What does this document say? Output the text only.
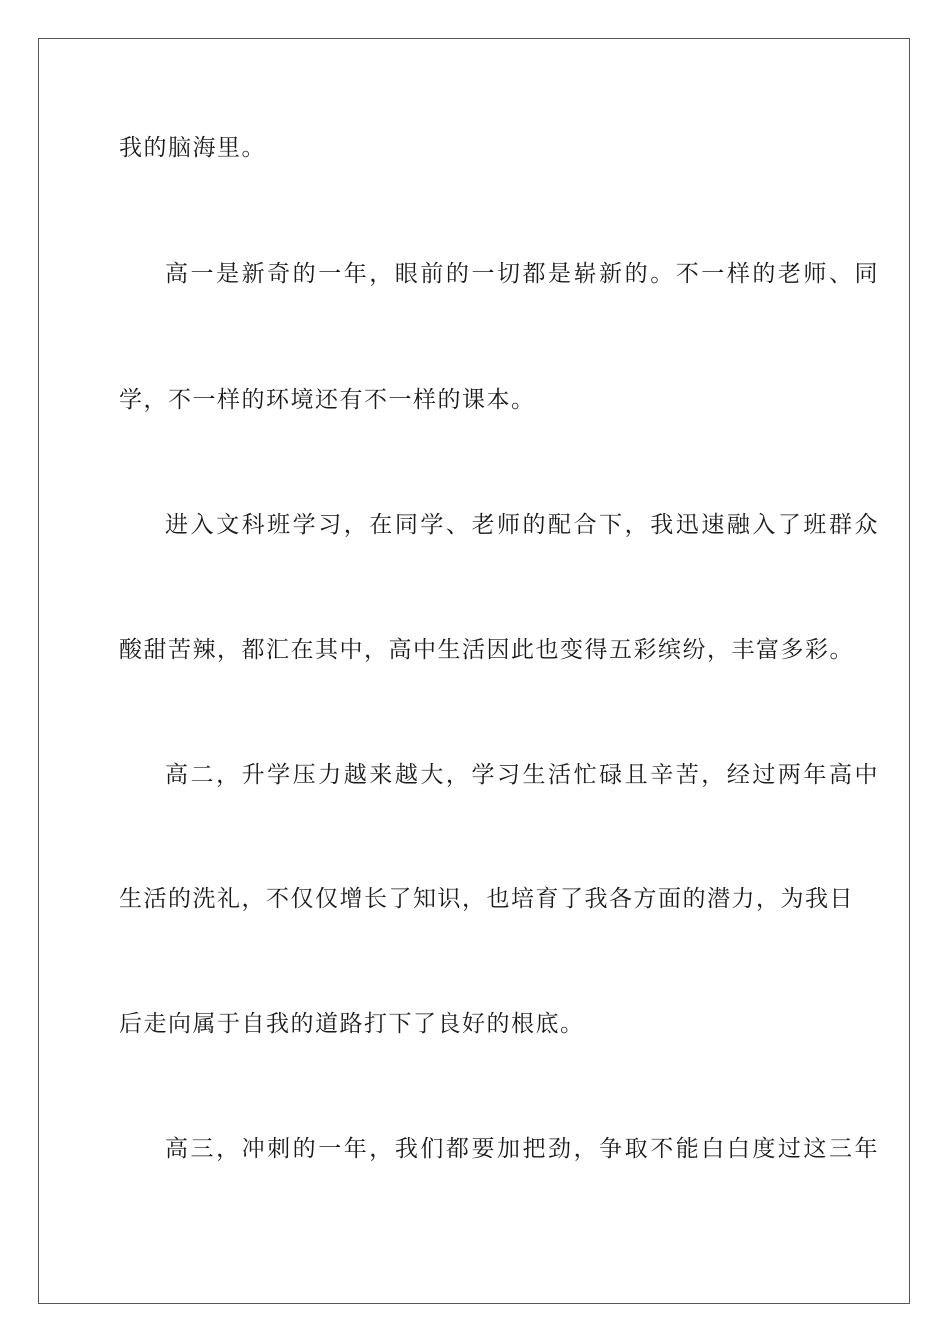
我的脑海里。
高一是新奇的一年，眼前的一切都是崭新的。不一样的老师、同
学，不一样的环境还有不一样的课本。
进入文科班学习，在同学、老师的配合下，我迅速融入了班群众
酸甜苦辣，都汇在其中，高中生活因此也变得五彩缤纷，丰富多彩。
高二，升学压力越来越大，学习生活忙碌且辛苦，经过两年高中
生活的洗礼，不仅仅增长了知识，也培育了我各方面的潜力，为我日
后走向属于自我的道路打下了良好的根底。
高三，冲刺的一年，我们都要加把劲，争取不能白白度过这三年
